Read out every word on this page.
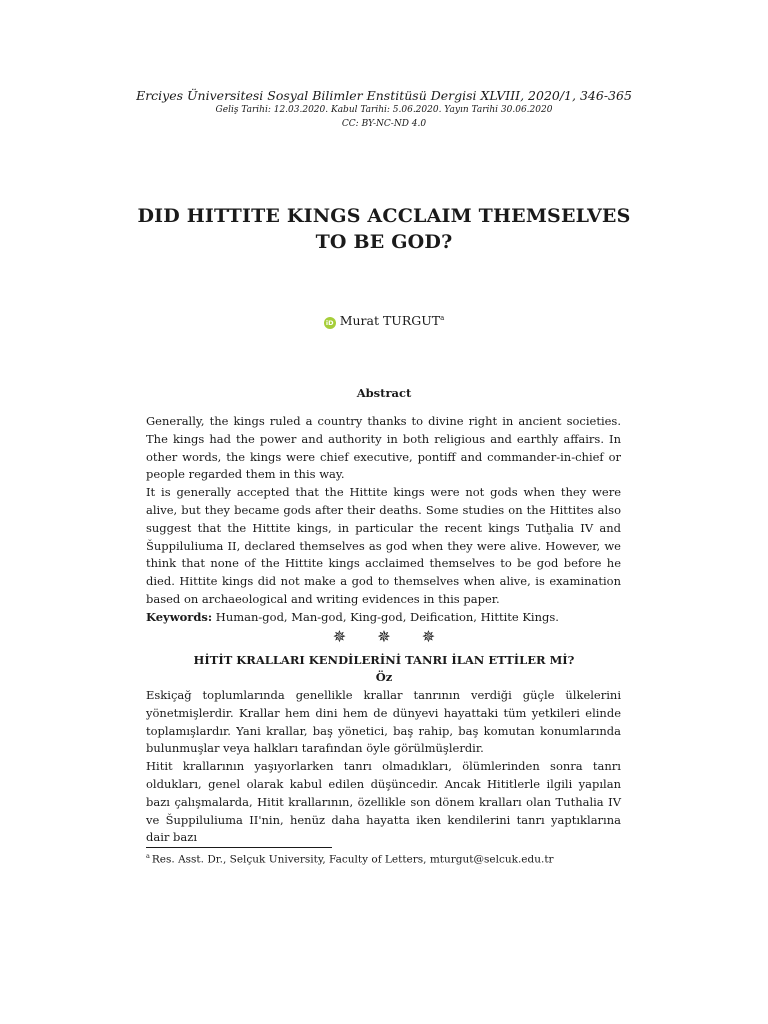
Erciyes Üniversitesi Sosyal Bilimler Enstitüsü Dergisi XLVIII, 2020/1, 346-365
Geliş Tarihi: 12.03.2020. Kabul Tarihi: 5.06.2020. Yayın Tarihi 30.06.2020
CC: BY-NC-ND 4.0
DID HITTITE KINGS ACCLAIM THEMSELVES
TO BE GOD?
iD Murat TURGUT$^a$
Abstract

Generally, the kings ruled a country thanks to divine right in ancient societies. The kings had the power and authority in both religious and earthly affairs. In other words, the kings were chief executive, pontiff and commander-in-chief or people regarded them in this way.

It is generally accepted that the Hittite kings were not gods when they were alive, but they became gods after their deaths. Some studies on the Hittites also suggest that the Hittite kings, in particular the recent kings Tutḫalia IV and Šuppiluliuma II, declared themselves as god when they were alive. However, we think that none of the Hittite kings acclaimed themselves to be god before he died. Hittite kings did not make a god to themselves when alive, is examination based on archaeological and writing evidences in this paper.

Keywords: Human-god, Man-god, King-god, Deification, Hittite Kings.

✵ ✵ ✵
HİTİT KRALLARI KENDİLERİNİ TANRI İLAN ETTİLER Mİ?
Öz

Eskiçağ toplumlarında genellikle krallar tanrının verdiği güçle ülkelerini yönetmişlerdir. Krallar hem dini hem de dünyevi hayattaki tüm yetkileri elinde toplamışlardır. Yani krallar, baş yönetici, baş rahip, baş komutan konumlarında bulunmuşlar veya halkları tarafından öyle görülmüşlerdir.

Hitit krallarının yaşıyorlarken tanrı olmadıkları, ölümlerinden sonra tanrı oldukları, genel olarak kabul edilen düşüncedir. Ancak Hititlerle ilgili yapılan bazı çalışmalarda, Hitit krallarının, özellikle son dönem kralları olan Tuthalia IV ve Šuppiluliuma II'nin, henüz daha hayatta iken kendilerini tanrı yaptıklarına dair bazı

$^a$ Res. Asst. Dr., Selçuk University, Faculty of Letters, mturgut@selcuk.edu.tr
